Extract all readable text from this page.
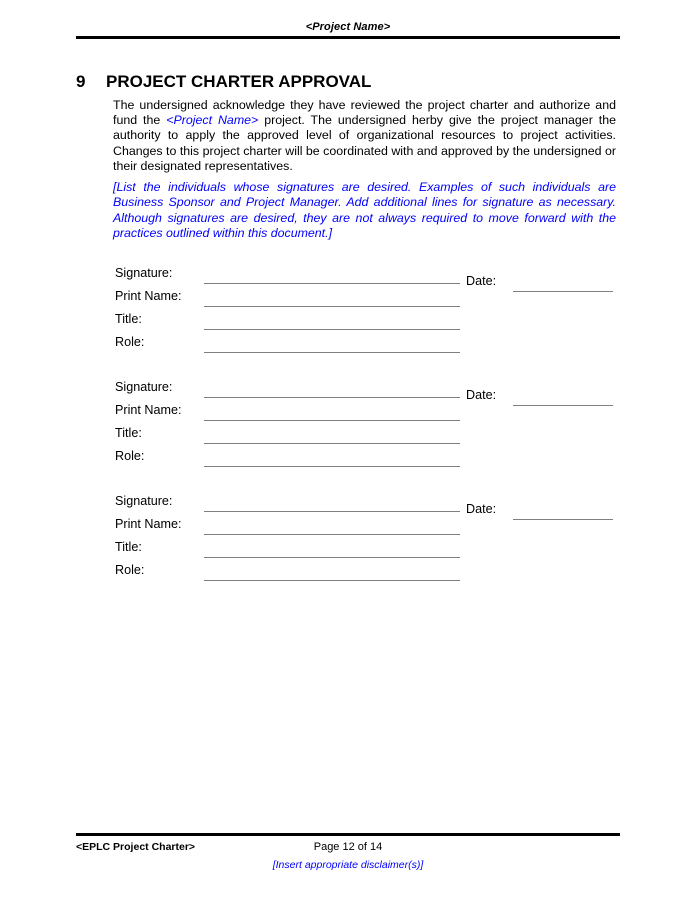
<Project Name>
9 PROJECT CHARTER APPROVAL

The undersigned acknowledge they have reviewed the project charter and authorize and fund the <Project Name> project. The undersigned herby give the project manager the authority to apply the approved level of organizational resources to project activities. Changes to this project charter will be coordinated with and approved by the undersigned or their designated representatives.

[List the individuals whose signatures are desired. Examples of such individuals are Business Sponsor and Project Manager. Add additional lines for signature as necessary. Although signatures are desired, they are not always required to move forward with the practices outlined within this document.]

Signature:
Date:
Print Name:
Title:
Role:
Signature:
Date:
Print Name:
Title:
Role:
Signature:
Date:
Print Name:
Title:
Role:
<EPLC Project Charter>	Page 12 of 14
[Insert appropriate disclaimer(s)]
